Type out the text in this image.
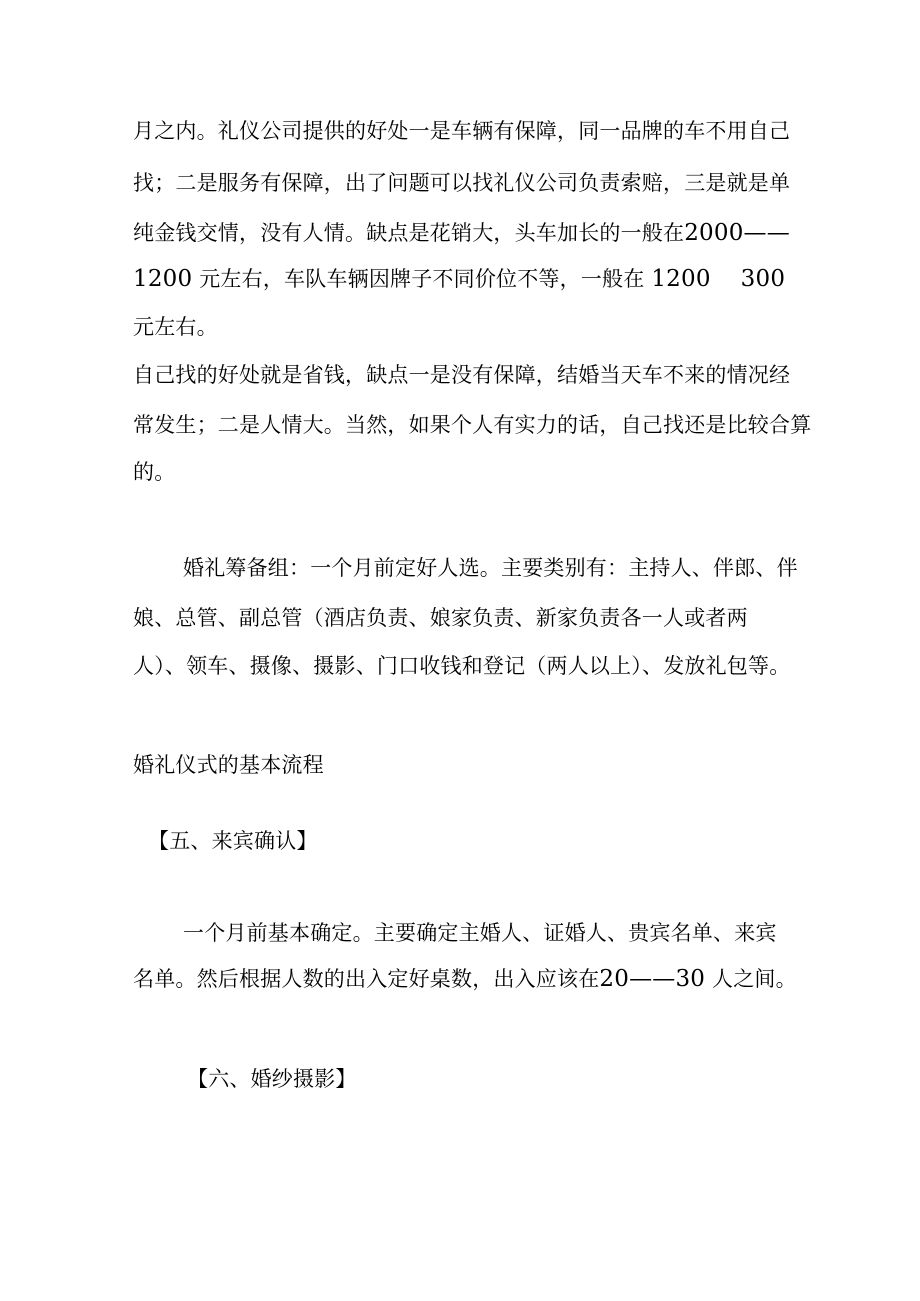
月之内。礼仪公司提供的好处一是车辆有保障，同一品牌的车不用自己
找；二是服务有保障，出了问题可以找礼仪公司负责索赔，三是就是单
纯金钱交情，没有人情。缺点是花销大，头车加长的一般在2000——
1200 元左右，车队车辆因牌子不同价位不等，一般在 1200 300
元左右。
自己找的好处就是省钱，缺点一是没有保障，结婚当天车不来的情况经
常发生；二是人情大。当然，如果个人有实力的话，自己找还是比较合算
的。
婚礼筹备组：一个月前定好人选。主要类别有：主持人、伴郎、伴
娘、总管、副总管（酒店负责、娘家负责、新家负责各一人或者两
人）、领车、摄像、摄影、门口收钱和登记（两人以上）、发放礼包等。
婚礼仪式的基本流程
【五、来宾确认】
一个月前基本确定。主要确定主婚人、证婚人、贵宾名单、来宾
名单。然后根据人数的出入定好桌数，出入应该在20——30 人之间。
【六、婚纱摄影】
